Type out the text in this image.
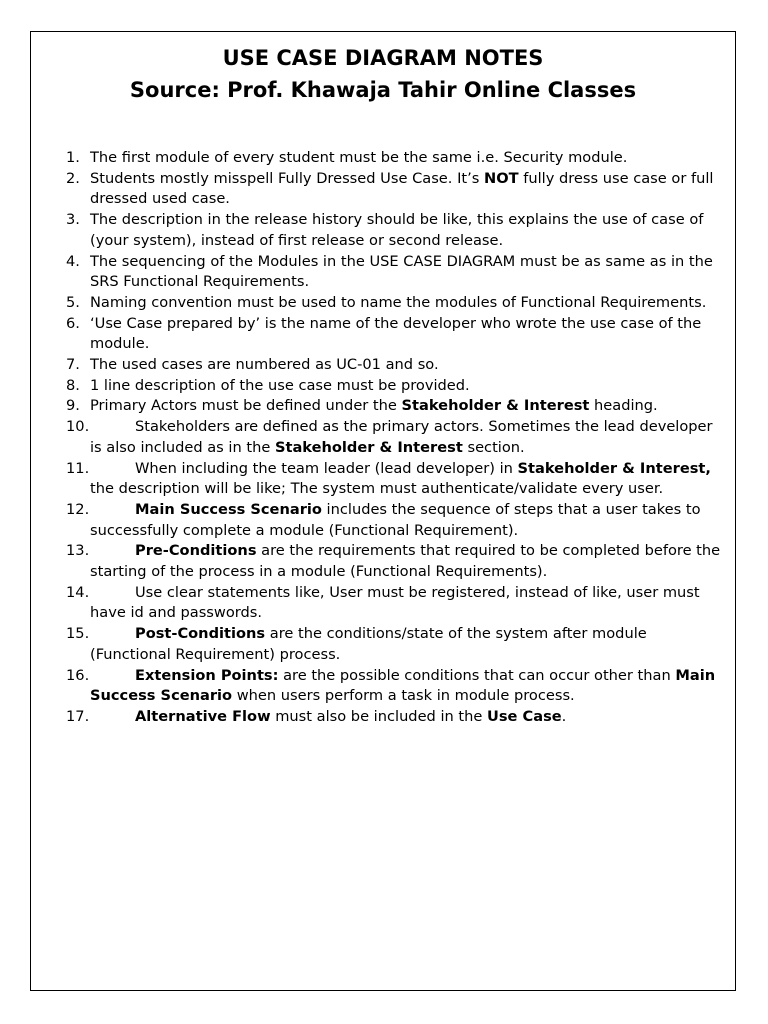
USE CASE DIAGRAM NOTES
Source: Prof. Khawaja Tahir Online Classes
1. The first module of every student must be the same i.e. Security module.
2. Students mostly misspell Fully Dressed Use Case. It’s NOT fully dress use case or full dressed used case.
3. The description in the release history should be like, this explains the use of case of (your system), instead of first release or second release.
4. The sequencing of the Modules in the USE CASE DIAGRAM must be as same as in the SRS Functional Requirements.
5. Naming convention must be used to name the modules of Functional Requirements.
6. ‘Use Case prepared by’ is the name of the developer who wrote the use case of the module.
7. The used cases are numbered as UC-01 and so.
8. 1 line description of the use case must be provided.
9. Primary Actors must be defined under the Stakeholder & Interest heading.
10.	Stakeholders are defined as the primary actors. Sometimes the lead developer is also included as in the Stakeholder & Interest section.
11.	When including the team leader (lead developer) in Stakeholder & Interest, the description will be like; The system must authenticate/validate every user.
12.	Main Success Scenario includes the sequence of steps that a user takes to successfully complete a module (Functional Requirement).
13.	Pre-Conditions are the requirements that required to be completed before the starting of the process in a module (Functional Requirements).
14.	Use clear statements like, User must be registered, instead of like, user must have id and passwords.
15.	Post-Conditions are the conditions/state of the system after module (Functional Requirement) process.
16.	Extension Points: are the possible conditions that can occur other than Main Success Scenario when users perform a task in module process.
17.	Alternative Flow must also be included in the Use Case.
